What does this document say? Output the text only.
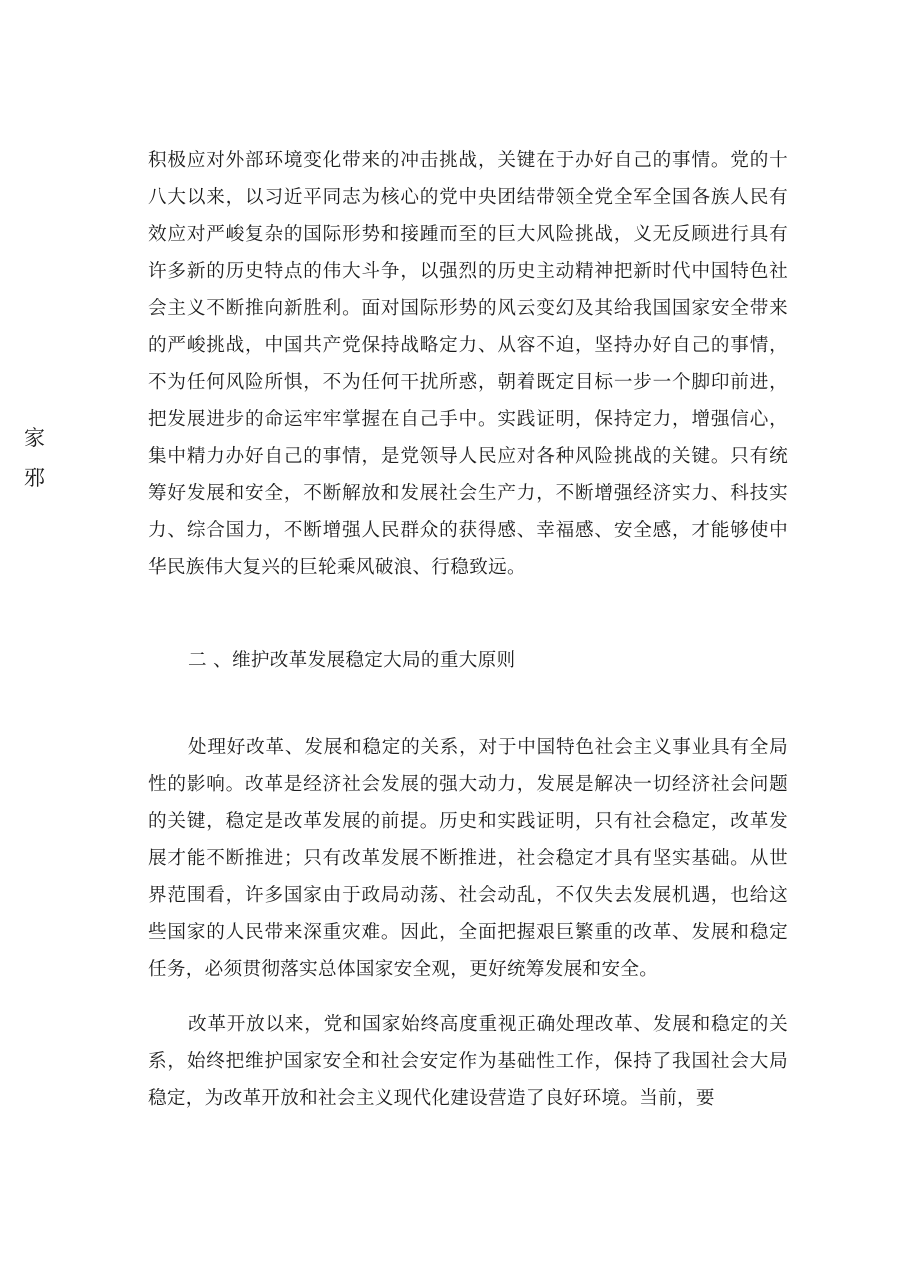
家
邪

积极应对外部环境变化带来的冲击挑战，关键在于办好自己的事情。党的十八大以来，以习近平同志为核心的党中央团结带领全党全军全国各族人民有效应对严峻复杂的国际形势和接踵而至的巨大风险挑战，义无反顾进行具有许多新的历史特点的伟大斗争，以强烈的历史主动精神把新时代中国特色社会主义不断推向新胜利。面对国际形势的风云变幻及其给我国国家安全带来的严峻挑战，中国共产党保持战略定力、从容不迫，坚持办好自己的事情，不为任何风险所惧，不为任何干扰所惑，朝着既定目标一步一个脚印前进，把发展进步的命运牢牢掌握在自己手中。实践证明，保持定力，增强信心，集中精力办好自己的事情，是党领导人民应对各种风险挑战的关键。只有统筹好发展和安全，不断解放和发展社会生产力，不断增强经济实力、科技实力、综合国力，不断增强人民群众的获得感、幸福感、安全感，才能够使中华民族伟大复兴的巨轮乘风破浪、行稳致远。

二 、维护改革发展稳定大局的重大原则

处理好改革、发展和稳定的关系，对于中国特色社会主义事业具有全局性的影响。改革是经济社会发展的强大动力，发展是解决一切经济社会问题的关键，稳定是改革发展的前提。历史和实践证明，只有社会稳定，改革发展才能不断推进；只有改革发展不断推进，社会稳定才具有坚实基础。从世界范围看，许多国家由于政局动荡、社会动乱，不仅失去发展机遇，也给这些国家的人民带来深重灾难。因此，全面把握艰巨繁重的改革、发展和稳定任务，必须贯彻落实总体国家安全观，更好统筹发展和安全。

改革开放以来，党和国家始终高度重视正确处理改革、发展和稳定的关系，始终把维护国家安全和社会安定作为基础性工作，保持了我国社会大局稳定，为改革开放和社会主义现代化建设营造了良好环境。当前，要
